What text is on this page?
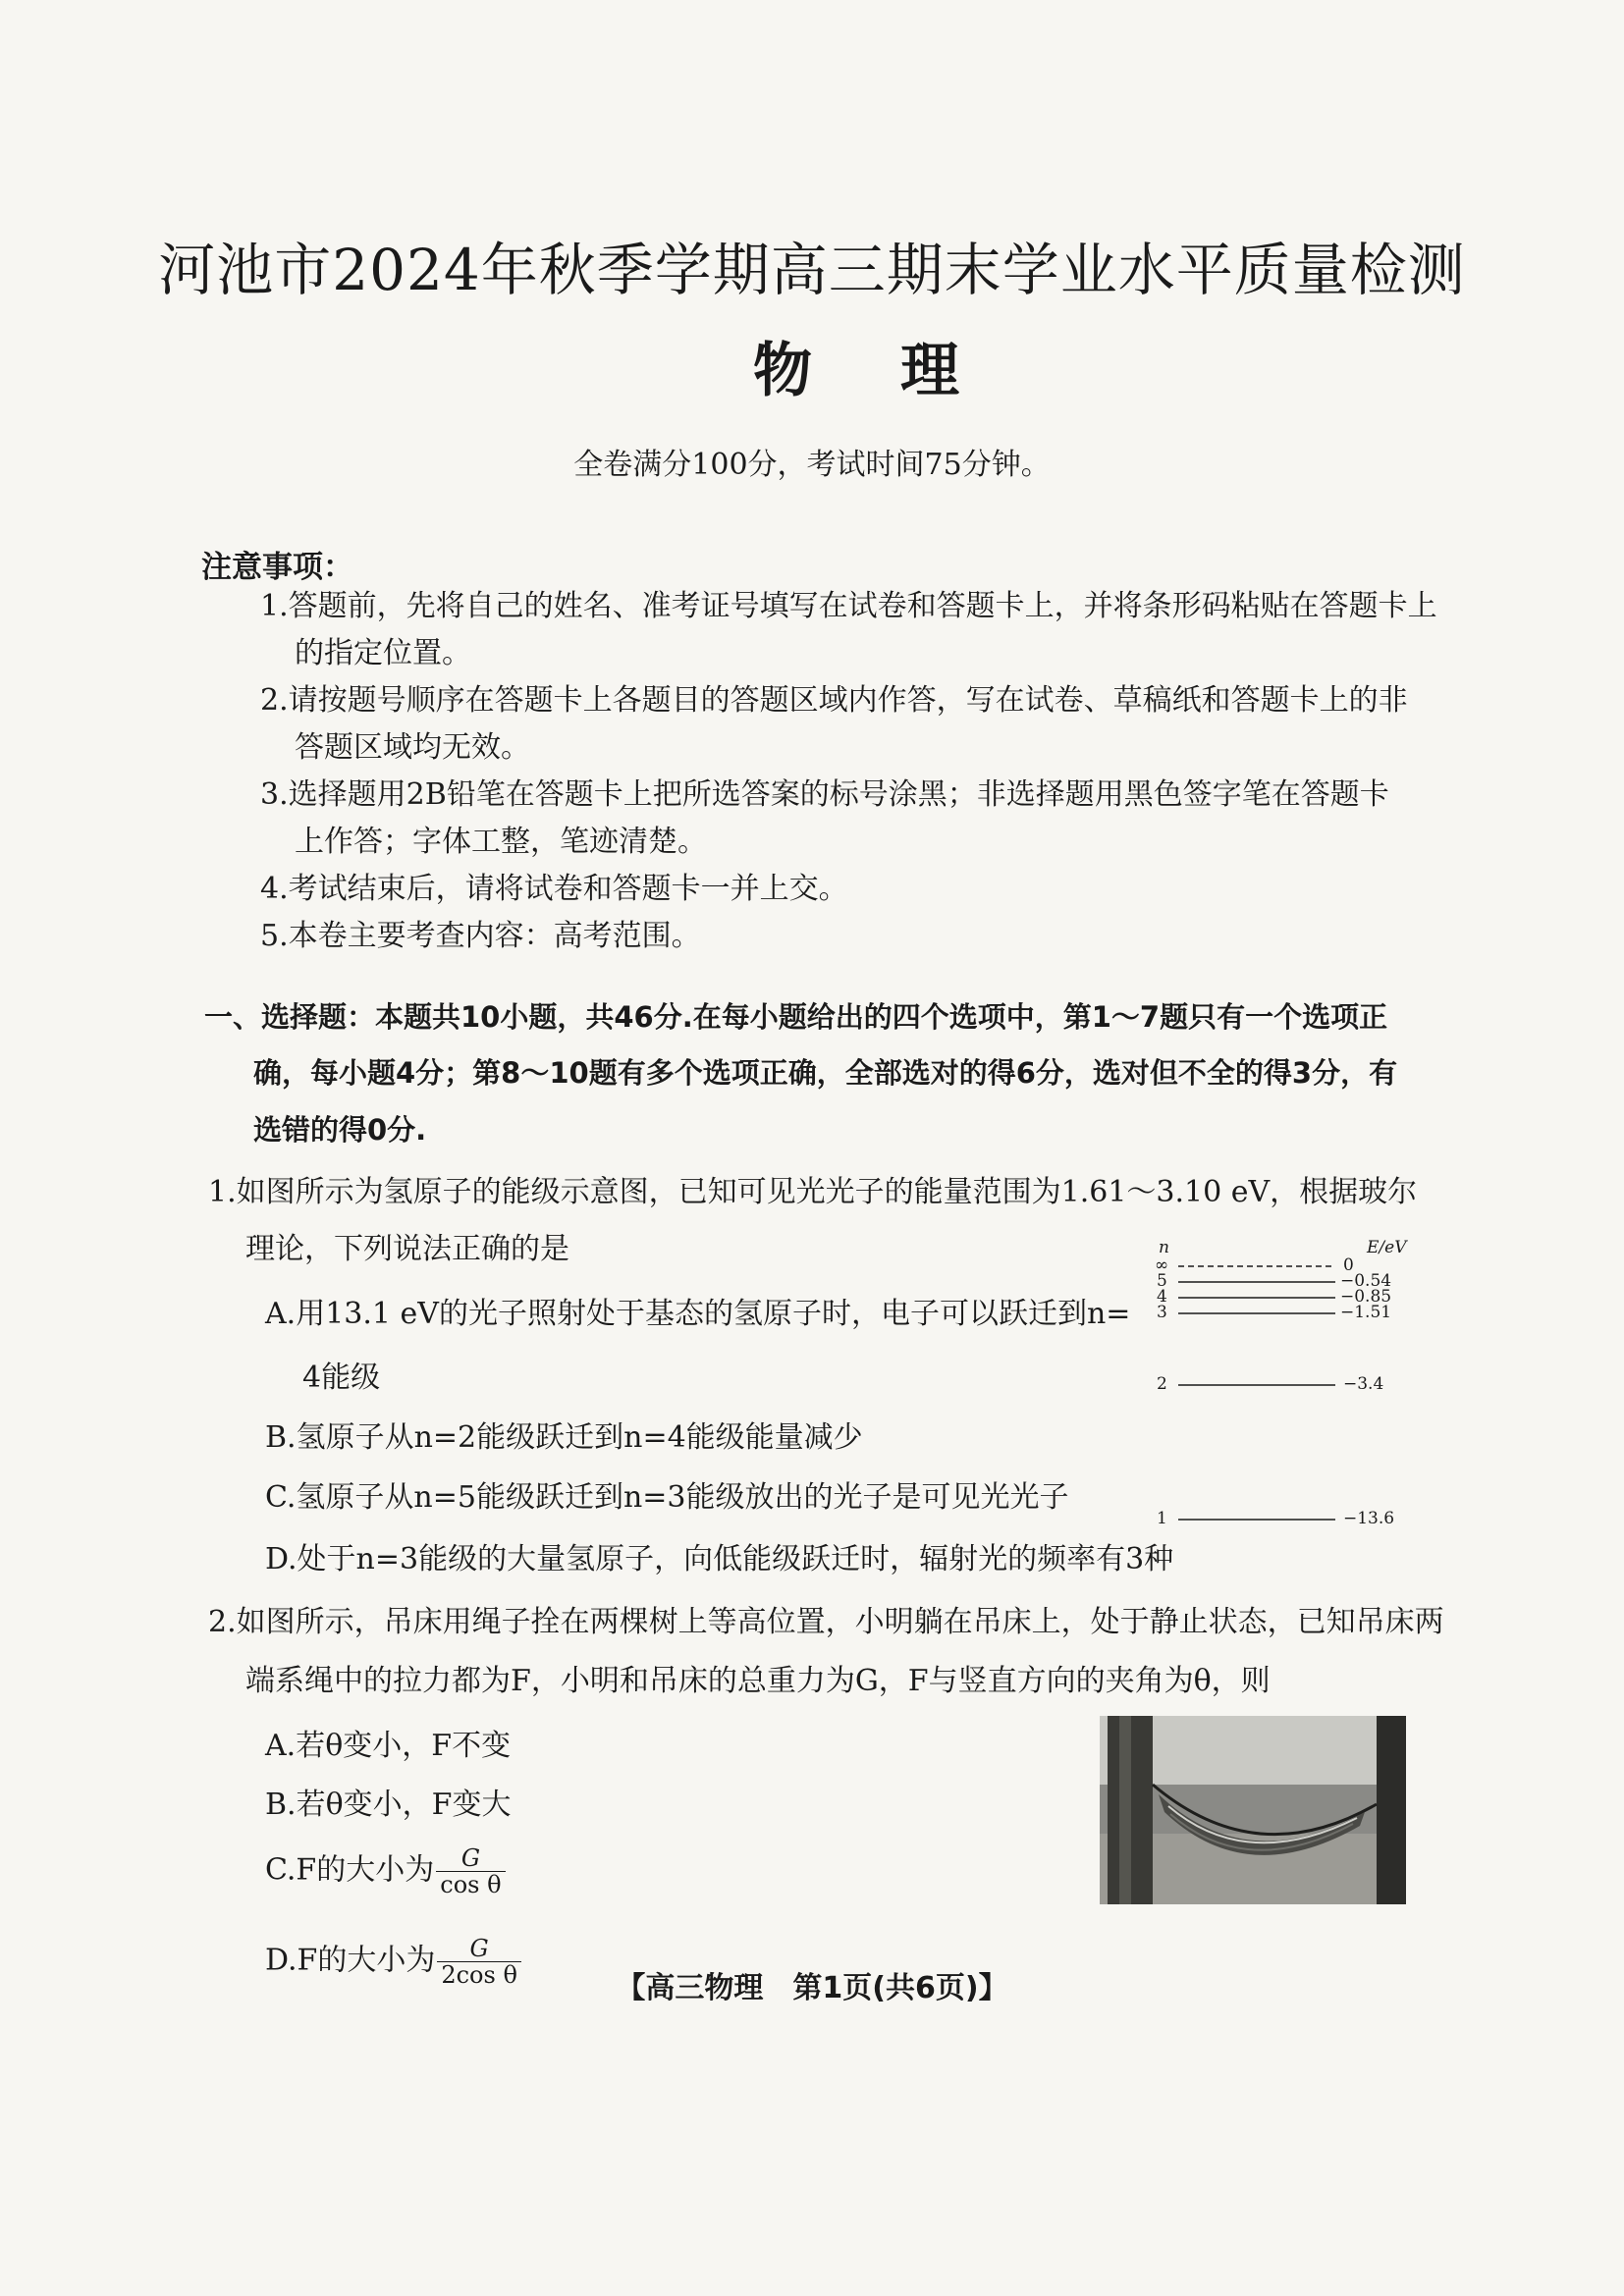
河池市2024年秋季学期高三期末学业水平质量检测
物理
全卷满分100分，考试时间75分钟。
注意事项：
1.答题前，先将自己的姓名、准考证号填写在试卷和答题卡上，并将条形码粘贴在答题卡上
的指定位置。
2.请按题号顺序在答题卡上各题目的答题区域内作答，写在试卷、草稿纸和答题卡上的非
答题区域均无效。
3.选择题用2B铅笔在答题卡上把所选答案的标号涂黑；非选择题用黑色签字笔在答题卡
上作答；字体工整，笔迹清楚。
4.考试结束后，请将试卷和答题卡一并上交。
5.本卷主要考查内容：高考范围。
一、选择题：本题共10小题，共46分.在每小题给出的四个选项中，第1～7题只有一个选项正
确，每小题4分；第8～10题有多个选项正确，全部选对的得6分，选对但不全的得3分，有
选错的得0分.
1.如图所示为氢原子的能级示意图，已知可见光光子的能量范围为1.61～3.10 eV，根据玻尔
理论，下列说法正确的是
A.用13.1 eV的光子照射处于基态的氢原子时，电子可以跃迁到n=
4能级
B.氢原子从n=2能级跃迁到n=4能级能量减少
C.氢原子从n=5能级跃迁到n=3能级放出的光子是可见光光子
D.处于n=3能级的大量氢原子，向低能级跃迁时，辐射光的频率有3种
n	E/eV
∞	0
5	−0.54
4	−0.85
3	−1.51
2	−3.4
1	−13.6
2.如图所示，吊床用绳子拴在两棵树上等高位置，小明躺在吊床上，处于静止状态，已知吊床两
端系绳中的拉力都为F，小明和吊床的总重力为G，F与竖直方向的夹角为θ，则
A.若θ变小，F不变
B.若θ变小，F变大
C.F的大小为 $\frac{G}{\text{cos θ}}$
D.F的大小为 $\frac{G}{\text{2cos θ}}$
【高三物理　第1页(共6页)】
